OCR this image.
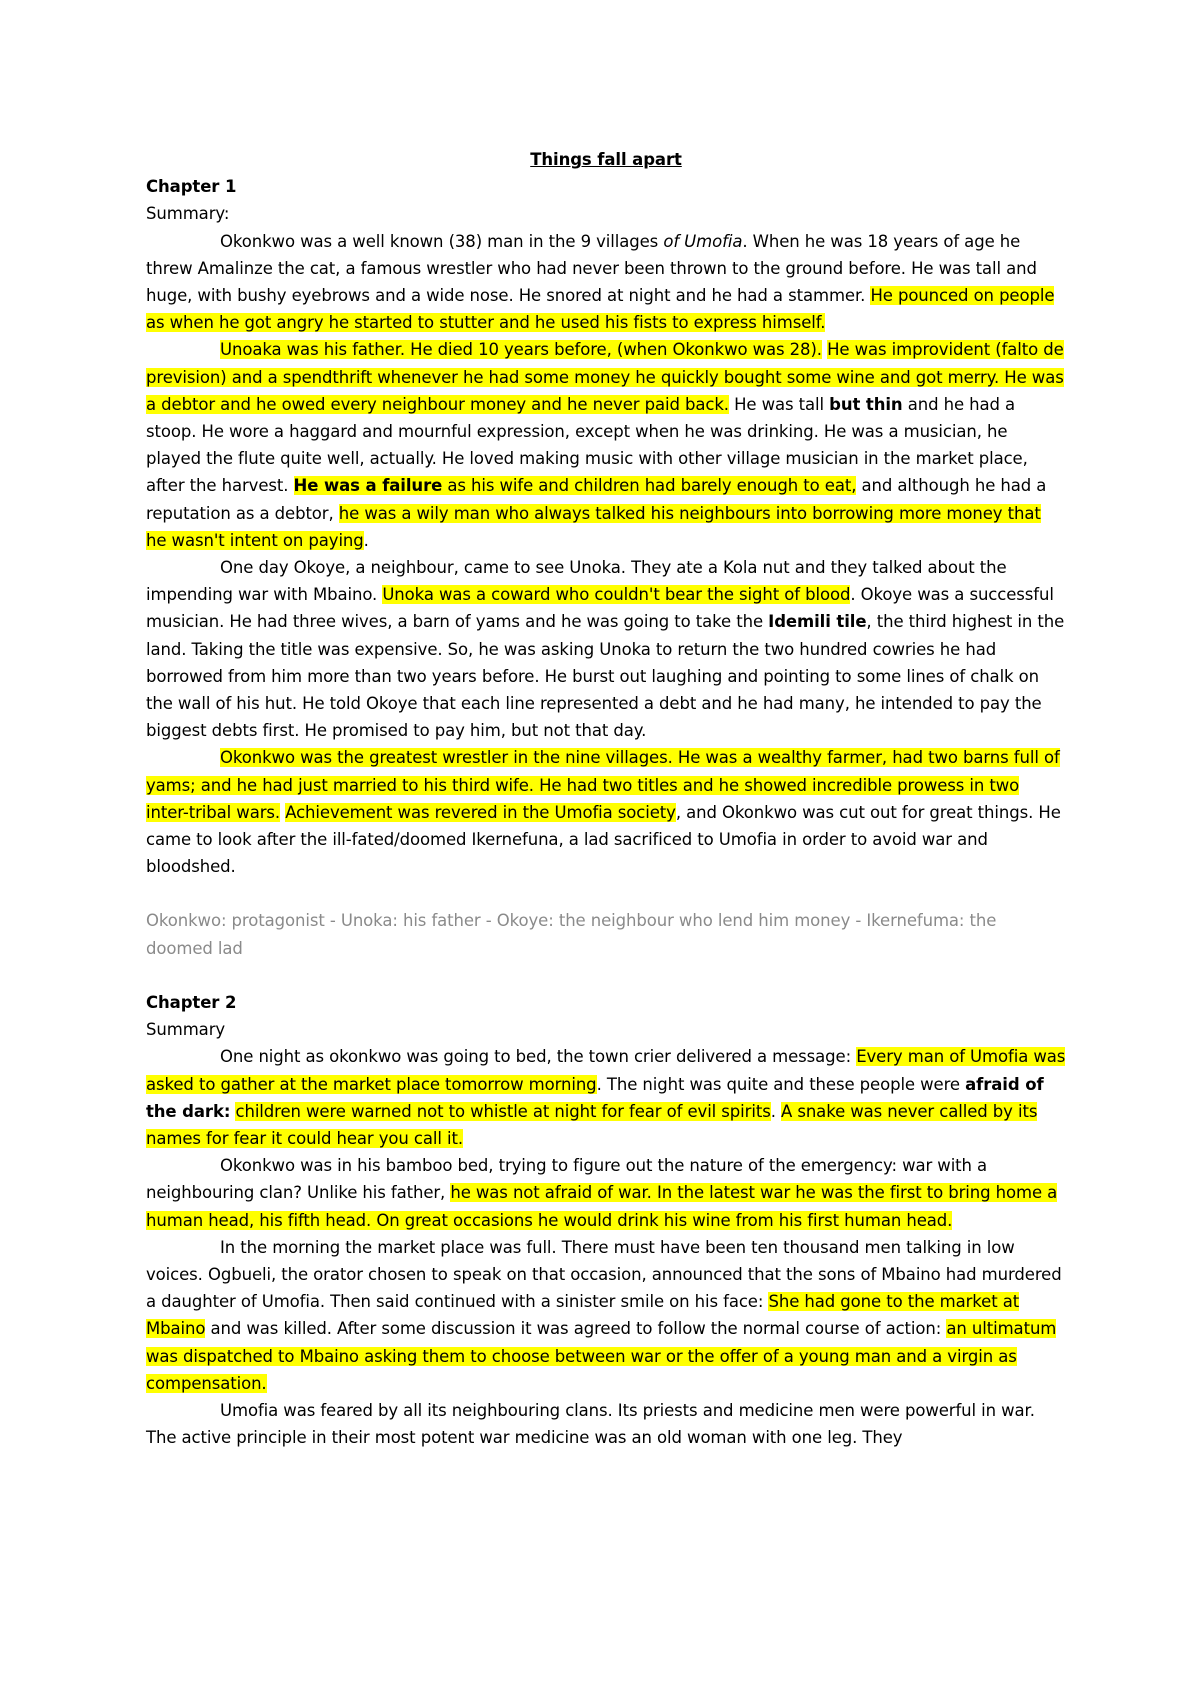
Things fall apart

Chapter 1

Summary:

Okonkwo was a well known (38) man in the 9 villages of Umofia. When he was 18 years of age he threw Amalinze the cat, a famous wrestler who had never been thrown to the ground before. He was tall and huge, with bushy eyebrows and a wide nose. He snored at night and he had a stammer. He pounced on people as when he got angry he started to stutter and he used his fists to express himself.

Unoaka was his father. He died 10 years before, (when Okonkwo was 28). He was improvident (falto de prevision) and a spendthrift whenever he had some money he quickly bought some wine and got merry. He was a debtor and he owed every neighbour money and he never paid back. He was tall but thin and he had a stoop. He wore a haggard and mournful expression, except when he was drinking. He was a musician, he played the flute quite well, actually. He loved making music with other village musician in the market place, after the harvest. He was a failure as his wife and children had barely enough to eat, and although he had a reputation as a debtor, he was a wily man who always talked his neighbours into borrowing more money that he wasn't intent on paying.

One day Okoye, a neighbour, came to see Unoka. They ate a Kola nut and they talked about the impending war with Mbaino. Unoka was a coward who couldn't bear the sight of blood. Okoye was a successful musician. He had three wives, a barn of yams and he was going to take the Idemili tile, the third highest in the land. Taking the title was expensive. So, he was asking Unoka to return the two hundred cowries he had borrowed from him more than two years before. He burst out laughing and pointing to some lines of chalk on the wall of his hut. He told Okoye that each line represented a debt and he had many, he intended to pay the biggest debts first. He promised to pay him, but not that day.

Okonkwo was the greatest wrestler in the nine villages. He was a wealthy farmer, had two barns full of yams; and he had just married to his third wife. He had two titles and he showed incredible prowess in two inter-tribal wars. Achievement was revered in the Umofia society, and Okonkwo was cut out for great things. He came to look after the ill-fated/doomed Ikernefuna, a lad sacrificed to Umofia in order to avoid war and bloodshed.

Okonkwo: protagonist - Unoka: his father - Okoye: the neighbour who lend him money - Ikernefuma: the doomed lad

Chapter 2

Summary

One night as okonkwo was going to bed, the town crier delivered a message: Every man of Umofia was asked to gather at the market place tomorrow morning. The night was quite and these people were afraid of the dark: children were warned not to whistle at night for fear of evil spirits. A snake was never called by its names for fear it could hear you call it.

Okonkwo was in his bamboo bed, trying to figure out the nature of the emergency: war with a neighbouring clan? Unlike his father, he was not afraid of war. In the latest war he was the first to bring home a human head, his fifth head. On great occasions he would drink his wine from his first human head.

In the morning the market place was full. There must have been ten thousand men talking in low voices. Ogbueli, the orator chosen to speak on that occasion, announced that the sons of Mbaino had murdered a daughter of Umofia. Then said continued with a sinister smile on his face: She had gone to the market at Mbaino and was killed. After some discussion it was agreed to follow the normal course of action: an ultimatum was dispatched to Mbaino asking them to choose between war or the offer of a young man and a virgin as compensation.

Umofia was feared by all its neighbouring clans. Its priests and medicine men were powerful in war. The active principle in their most potent war medicine was an old woman with one leg. They
